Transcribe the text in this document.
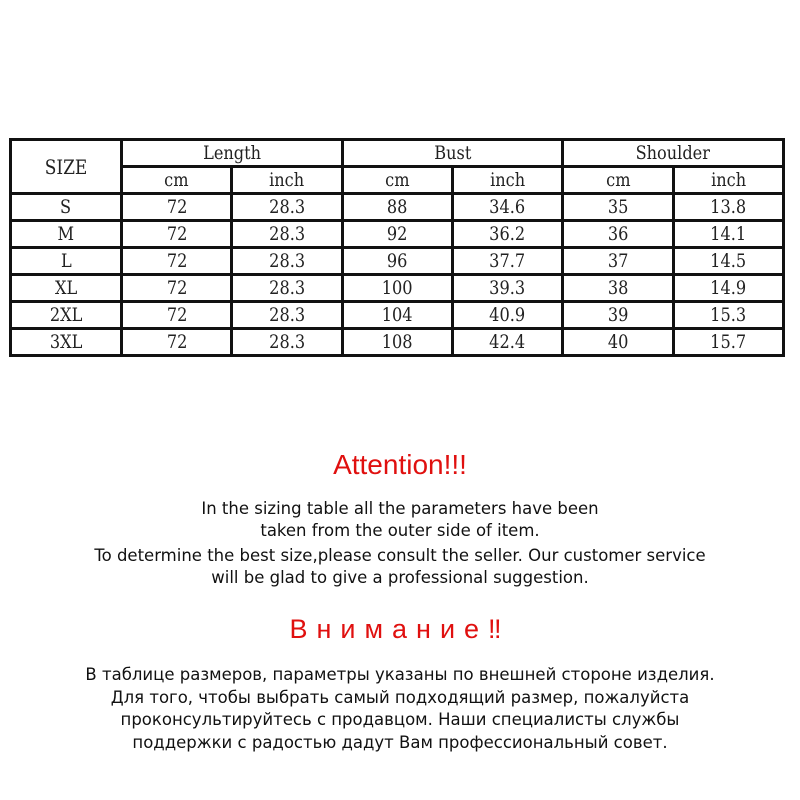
SIZE	Length		Bust		Shoulder	
	cm	inch	cm	inch	cm	inch
S	72	28.3	88	34.6	35	13.8
M	72	28.3	92	36.2	36	14.1
L	72	28.3	96	37.7	37	14.5
XL	72	28.3	100	39.3	38	14.9
2XL	72	28.3	104	40.9	39	15.3
3XL	72	28.3	108	42.4	40	15.7
Attention!!!
In the sizing table all the parameters have been
taken from the outer side of item.
To determine the best size,please consult the seller. Our customer service
will be glad to give a professional suggestion.
Внимание‼
В таблице размеров, параметры указаны по внешней стороне изделия.
Для того, чтобы выбрать самый подходящий размер, пожалуйста
проконсультируйтесь с продавцом. Наши специалисты службы
поддержки с радостью дадут Вам профессиональный совет.
